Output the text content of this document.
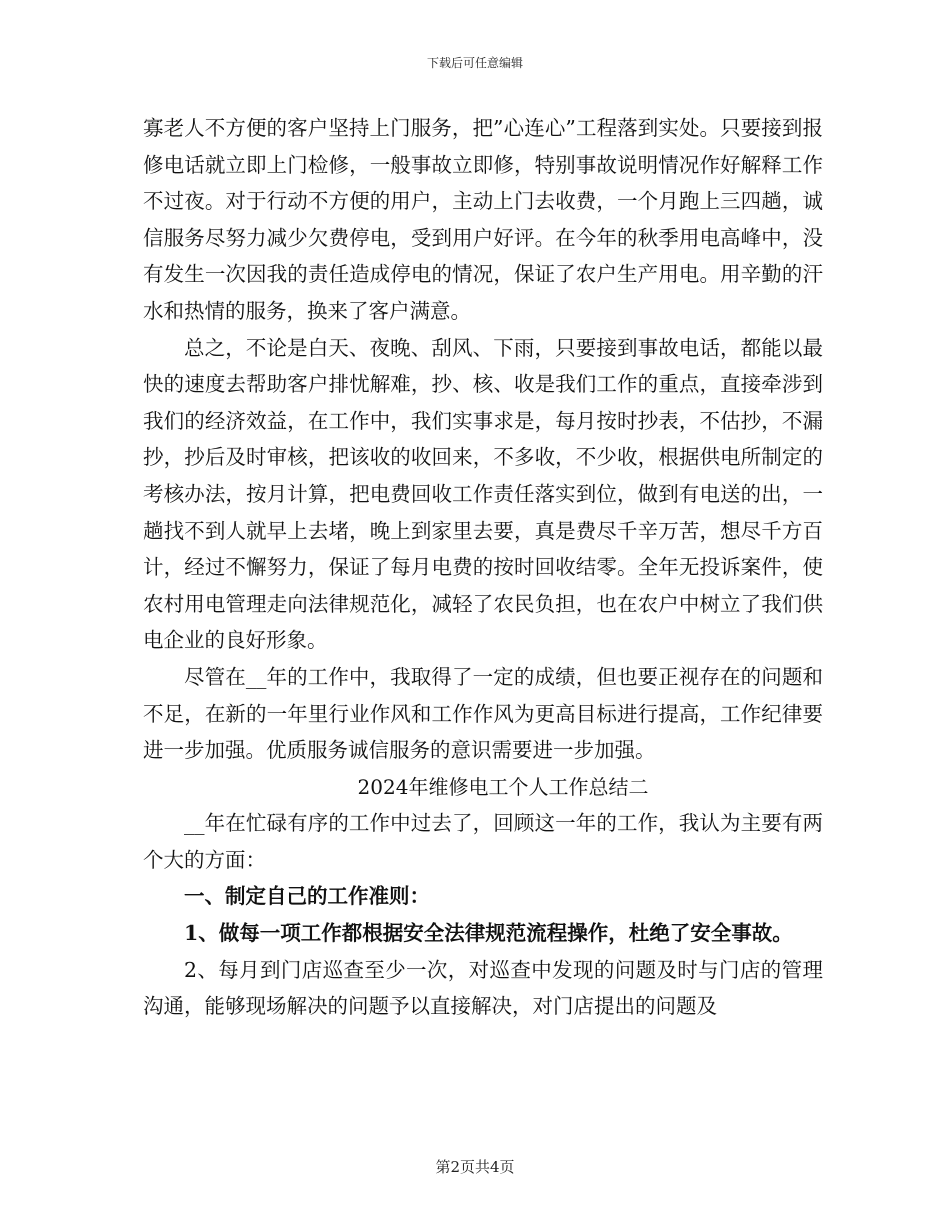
下载后可任意编辑

寡老人不方便的客户坚持上门服务，把”心连心”工程落到实处。只要接到报修电话就立即上门检修，一般事故立即修，特别事故说明情况作好解释工作不过夜。对于行动不方便的用户，主动上门去收费，一个月跑上三四趟，诚信服务尽努力减少欠费停电，受到用户好评。在今年的秋季用电高峰中，没有发生一次因我的责任造成停电的情况，保证了农户生产用电。用辛勤的汗水和热情的服务，换来了客户满意。

总之，不论是白天、夜晚、刮风、下雨，只要接到事故电话，都能以最快的速度去帮助客户排忧解难，抄、核、收是我们工作的重点，直接牵涉到我们的经济效益，在工作中，我们实事求是，每月按时抄表，不估抄，不漏抄，抄后及时审核，把该收的收回来，不多收，不少收，根据供电所制定的考核办法，按月计算，把电费回收工作责任落实到位，做到有电送的出，一趟找不到人就早上去堵，晚上到家里去要，真是费尽千辛万苦，想尽千方百计，经过不懈努力，保证了每月电费的按时回收结零。全年无投诉案件，使农村用电管理走向法律规范化，减轻了农民负担，也在农户中树立了我们供电企业的良好形象。

尽管在__年的工作中，我取得了一定的成绩，但也要正视存在的问题和不足，在新的一年里行业作风和工作作风为更高目标进行提高，工作纪律要进一步加强。优质服务诚信服务的意识需要进一步加强。

2024年维修电工个人工作总结二

__年在忙碌有序的工作中过去了，回顾这一年的工作，我认为主要有两个大的方面：

一、制定自己的工作准则：

1、做每一项工作都根据安全法律规范流程操作，杜绝了安全事故。

2、每月到门店巡查至少一次，对巡查中发现的问题及时与门店的管理沟通，能够现场解决的问题予以直接解决，对门店提出的问题及

第2页共4页
